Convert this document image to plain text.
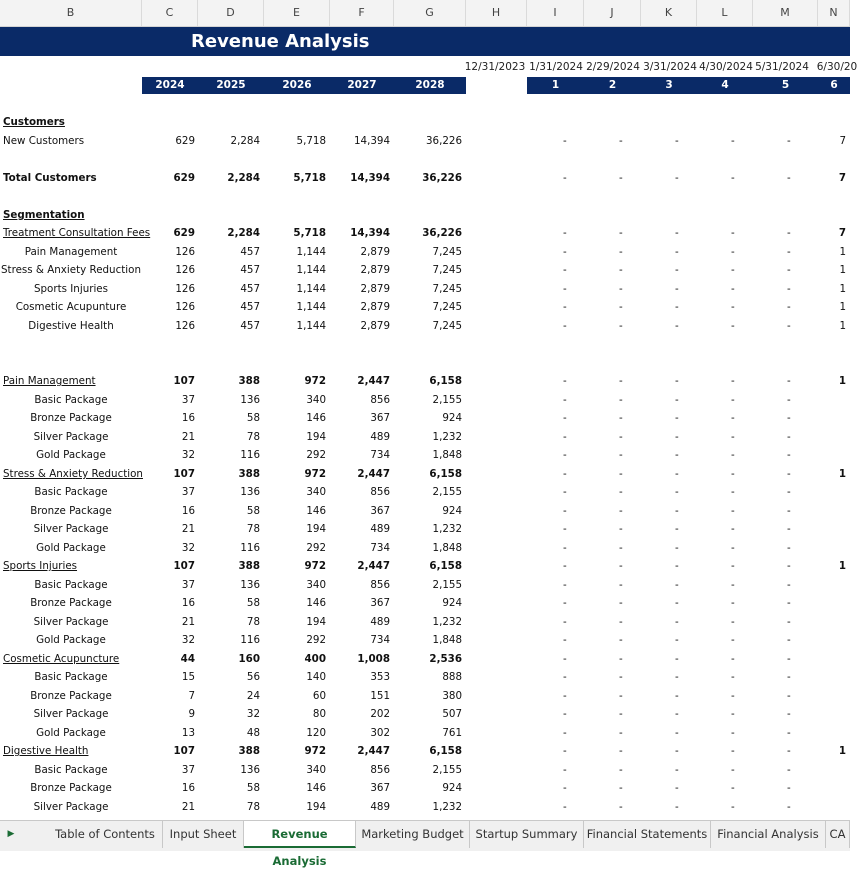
B	C	D	E	F	G	H	I	J	K	L	M	N
Revenue Analysis
12/31/2023 1/31/2024 2/29/2024 3/31/2024 4/30/2024 5/31/2024 6/30/20
2024	2025	2026	2027	2028	1	2	3	4	5	6
Customers
New Customers	629	2,284	5,718	14,394	36,226	-	-	-	-	-	7
Total Customers	629	2,284	5,718	14,394	36,226	-	-	-	-	-	7
Segmentation
Treatment Consultation Fees	629	2,284	5,718	14,394	36,226	-	-	-	-	-	7
Pain Management	126	457	1,144	2,879	7,245	-	-	-	-	-	1
Stress & Anxiety Reduction	126	457	1,144	2,879	7,245	-	-	-	-	-	1
Sports Injuries	126	457	1,144	2,879	7,245	-	-	-	-	-	1
Cosmetic Acupunture	126	457	1,144	2,879	7,245	-	-	-	-	-	1
Digestive Health	126	457	1,144	2,879	7,245	-	-	-	-	-	1
Pain Management	107	388	972	2,447	6,158	-	-	-	-	-	1
Basic Package	37	136	340	856	2,155	-	-	-	-	-
Bronze Package	16	58	146	367	924	-	-	-	-	-
Silver Package	21	78	194	489	1,232	-	-	-	-	-
Gold Package	32	116	292	734	1,848	-	-	-	-	-
Stress & Anxiety Reduction	107	388	972	2,447	6,158	-	-	-	-	-	1
Basic Package	37	136	340	856	2,155	-	-	-	-	-
Bronze Package	16	58	146	367	924	-	-	-	-	-
Silver Package	21	78	194	489	1,232	-	-	-	-	-
Gold Package	32	116	292	734	1,848	-	-	-	-	-
Sports Injuries	107	388	972	2,447	6,158	-	-	-	-	-	1
Basic Package	37	136	340	856	2,155	-	-	-	-	-
Bronze Package	16	58	146	367	924	-	-	-	-	-
Silver Package	21	78	194	489	1,232	-	-	-	-	-
Gold Package	32	116	292	734	1,848	-	-	-	-	-
Cosmetic Acupuncture	44	160	400	1,008	2,536	-	-	-	-	-
Basic Package	15	56	140	353	888	-	-	-	-	-
Bronze Package	7	24	60	151	380	-	-	-	-	-
Silver Package	9	32	80	202	507	-	-	-	-	-
Gold Package	13	48	120	302	761	-	-	-	-	-
Digestive Health	107	388	972	2,447	6,158	-	-	-	-	-	1
Basic Package	37	136	340	856	2,155	-	-	-	-	-
Bronze Package	16	58	146	367	924	-	-	-	-	-
Silver Package	21	78	194	489	1,232	-	-	-	-	-
▶	Table of Contents	Input Sheet	Revenue Analysis
Marketing Budget	Startup Summary Financial Statements Financial Analysis CA
